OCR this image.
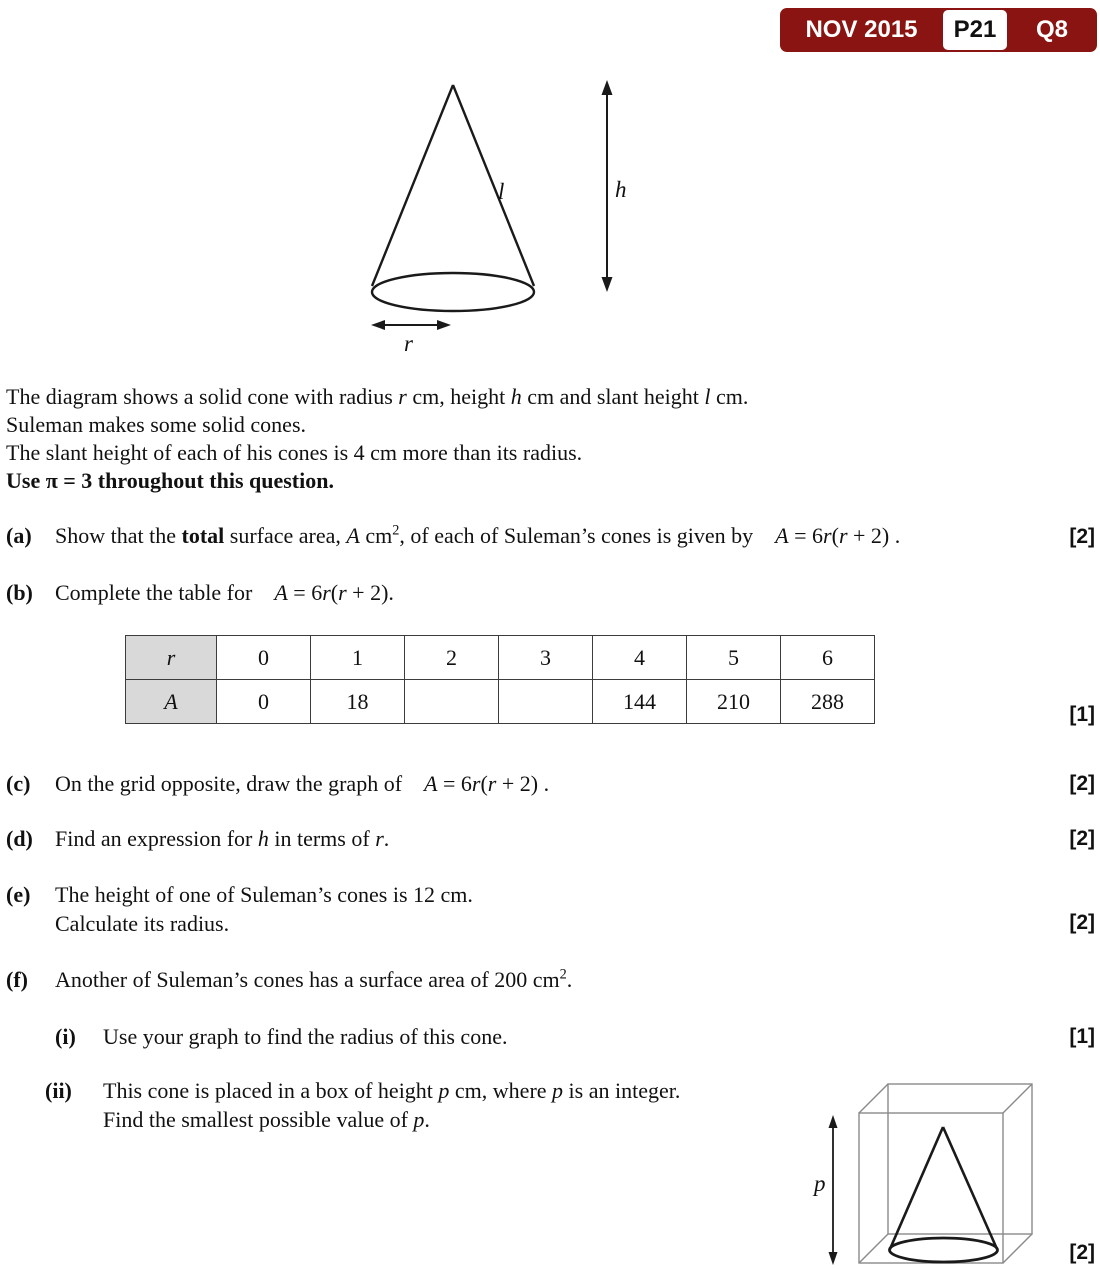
NOV 2015	P21	Q8
l	h
r
The diagram shows a solid cone with radius r cm, height h cm and slant height l cm.
Suleman makes some solid cones.
The slant height of each of his cones is 4 cm more than its radius.
Use π = 3 throughout this question.
(a) Show that the total surface area, A $cm^2$, of each of Suleman’s cones is given by  A = 6r(r + 2) .	[2]
(b) Complete the table for  A = 6r(r + 2).
r	0	1	2	3	4	5	6
A	0	18			144	210	288
[1]
(c) On the grid opposite, draw the graph of  A = 6r(r + 2) .	[2]
(d) Find an expression for h in terms of r.	[2]
(e) The height of one of Suleman’s cones is 12 cm.
Calculate its radius.	[2]
(f) Another of Suleman’s cones has a surface area of 200 $cm^2$.
(i) Use your graph to find the radius of this cone.	[1]
(ii) This cone is placed in a box of height p cm, where p is an integer.
Find the smallest possible value of p.
p
[2]
